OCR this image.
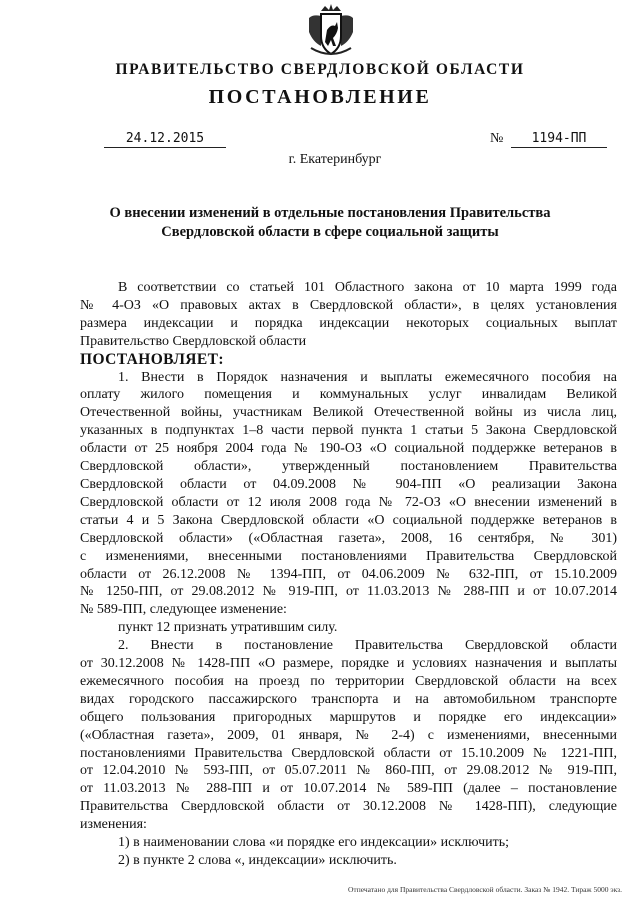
ПРАВИТЕЛЬСТВО СВЕРДЛОВСКОЙ ОБЛАСТИ
ПОСТАНОВЛЕНИЕ
24.12.2015	№	1194-ПП
г. Екатеринбург
О внесении изменений в отдельные постановления Правительства
Свердловской области в сфере социальной защиты

В соответствии со статьей 101 Областного закона от 10 марта 1999 года

№ 4-ОЗ «О правовых актах в Свердловской области», в целях установления

размера индексации и порядка индексации некоторых социальных выплат

Правительство Свердловской области

ПОСТАНОВЛЯЕТ:

1. Внести в Порядок назначения и выплаты ежемесячного пособия на

оплату жилого помещения и коммунальных услуг инвалидам Великой

Отечественной войны, участникам Великой Отечественной войны из числа лиц,

указанных в подпунктах 1–8 части первой пункта 1 статьи 5 Закона Свердловской

области от 25 ноября 2004 года № 190-ОЗ «О социальной поддержке ветеранов в

Свердловской области», утвержденный постановлением Правительства

Свердловской области от 04.09.2008 № 904-ПП «О реализации Закона

Свердловской области от 12 июля 2008 года № 72-ОЗ «О внесении изменений в

статьи 4 и 5 Закона Свердловской области «О социальной поддержке ветеранов в

Свердловской области» («Областная газета», 2008, 16 сентября, № 301)

с изменениями, внесенными постановлениями Правительства Свердловской

области от 26.12.2008 № 1394-ПП, от 04.06.2009 № 632-ПП, от 15.10.2009

№ 1250-ПП, от 29.08.2012 № 919-ПП, от 11.03.2013 № 288-ПП и от 10.07.2014

№ 589-ПП, следующее изменение:

пункт 12 признать утратившим силу.

2. Внести в постановление Правительства Свердловской области

от 30.12.2008 № 1428-ПП «О размере, порядке и условиях назначения и выплаты

ежемесячного пособия на проезд по территории Свердловской области на всех

видах городского пассажирского транспорта и на автомобильном транспорте

общего пользования пригородных маршрутов и порядке его индексации»

(«Областная газета», 2009, 01 января, № 2-4) с изменениями, внесенными

постановлениями Правительства Свердловской области от 15.10.2009 № 1221-ПП,

от 12.04.2010 № 593-ПП, от 05.07.2011 № 860-ПП, от 29.08.2012 № 919-ПП,

от 11.03.2013 № 288-ПП и от 10.07.2014 № 589-ПП (далее – постановление

Правительства Свердловской области от 30.12.2008 № 1428-ПП), следующие

изменения:

1) в наименовании слова «и порядке его индексации» исключить;

2) в пункте 2 слова «, индексации» исключить.

Отпечатано для Правительства Свердловской области. Заказ № 1942. Тираж 5000 экз.
